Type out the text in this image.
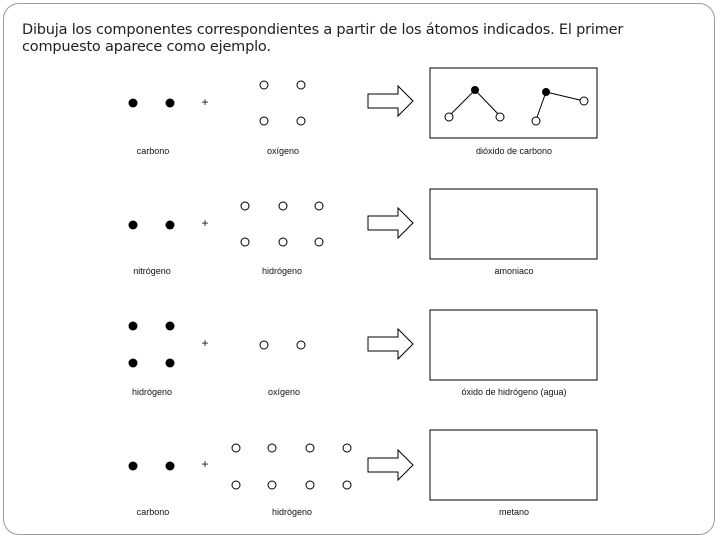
Dibuja los componentes correspondientes a partir de los átomos indicados. El primer compuesto aparece como ejemplo.
+
+
+
+
carbono	oxígeno	dióxido de carbono
nitrógeno	hidrógeno	amoniaco
hidrógeno	oxígeno	óxido de hidrógeno (agua)
carbono	hidrógeno	metano
